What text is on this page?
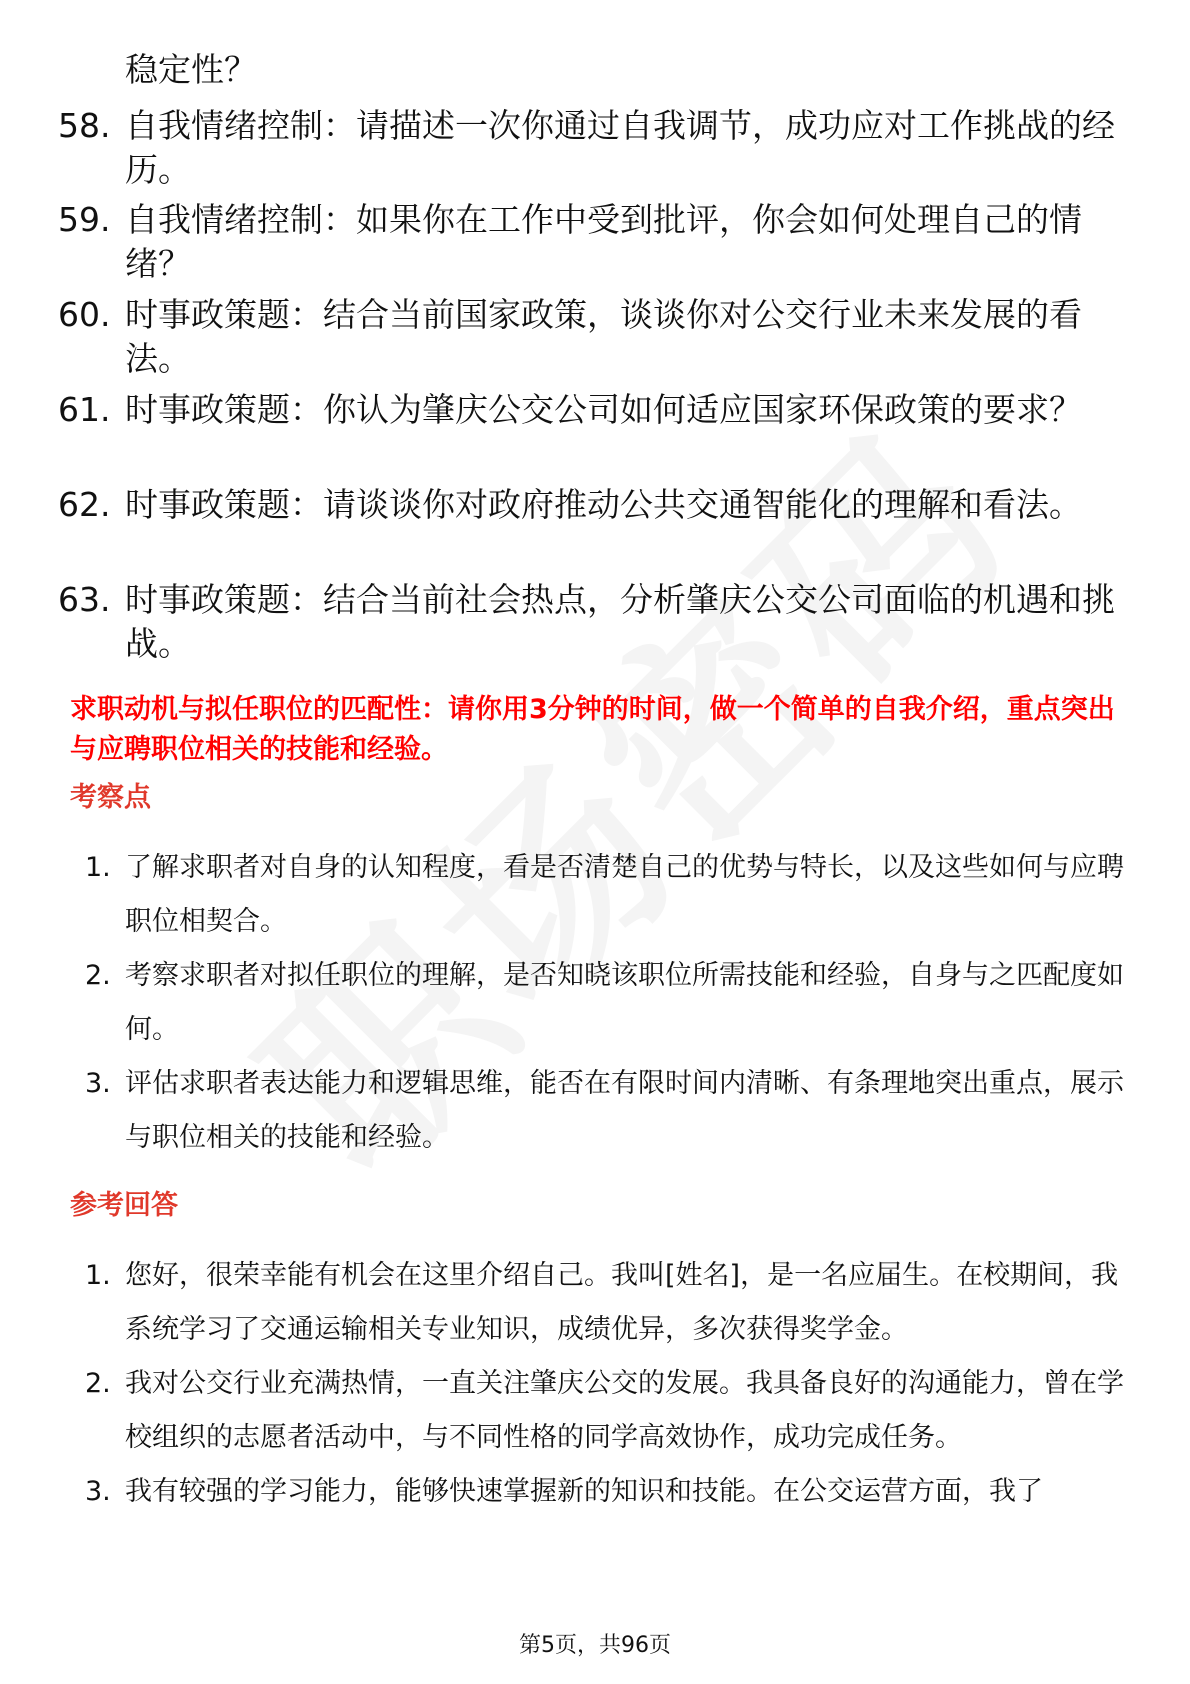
稳定性？
58. 自我情绪控制：请描述一次你通过自我调节，成功应对工作挑战的经历。
59. 自我情绪控制：如果你在工作中受到批评，你会如何处理自己的情绪？
60. 时事政策题：结合当前国家政策，谈谈你对公交行业未来发展的看法。
61. 时事政策题：你认为肇庆公交公司如何适应国家环保政策的要求？
62. 时事政策题：请谈谈你对政府推动公共交通智能化的理解和看法。
63. 时事政策题：结合当前社会热点，分析肇庆公交公司面临的机遇和挑战。
求职动机与拟任职位的匹配性：请你用3分钟的时间，做一个简单的自我介绍，重点突出与应聘职位相关的技能和经验。
考察点
1. 了解求职者对自身的认知程度，看是否清楚自己的优势与特长，以及这些如何与应聘职位相契合。
2. 考察求职者对拟任职位的理解，是否知晓该职位所需技能和经验，自身与之匹配度如何。
3. 评估求职者表达能力和逻辑思维，能否在有限时间内清晰、有条理地突出重点，展示与职位相关的技能和经验。
参考回答
1. 您好，很荣幸能有机会在这里介绍自己。我叫[姓名]，是一名应届生。在校期间，我系统学习了交通运输相关专业知识，成绩优异，多次获得奖学金。
2. 我对公交行业充满热情，一直关注肇庆公交的发展。我具备良好的沟通能力，曾在学校组织的志愿者活动中，与不同性格的同学高效协作，成功完成任务。
3. 我有较强的学习能力，能够快速掌握新的知识和技能。在公交运营方面，我了
第5页，共96页
